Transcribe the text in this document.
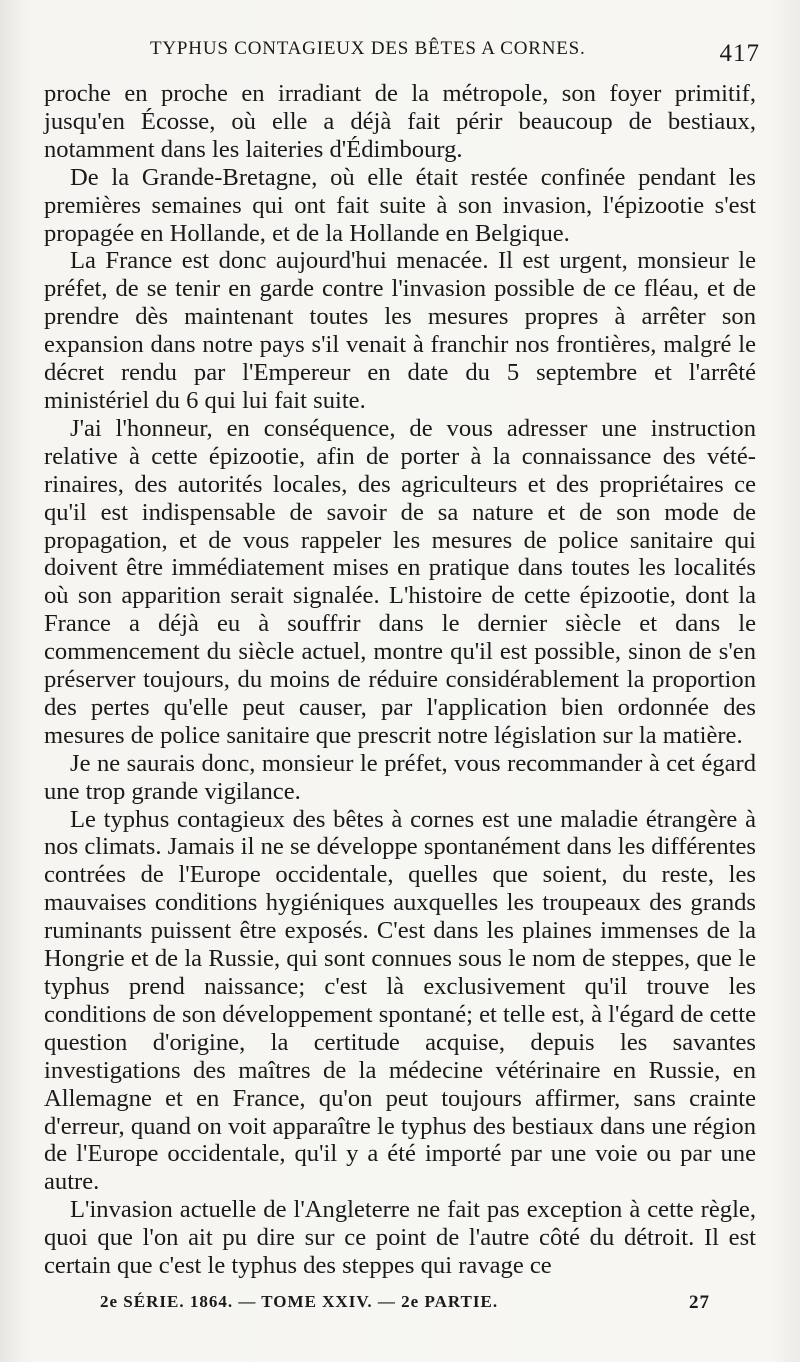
TYPHUS CONTAGIEUX DES BÊTES A CORNES.	417

proche en proche en irradiant de la métropole, son foyer primitif, jusqu'en Écosse, où elle a déjà fait périr beaucoup de bestiaux, notamment dans les laiteries d'Édimbourg.

De la Grande-Bretagne, où elle était restée confinée pendant les premières semaines qui ont fait suite à son invasion, l'épizootie s'est propagée en Hollande, et de la Hollande en Belgique.

La France est donc aujourd'hui menacée. Il est urgent, monsieur le préfet, de se tenir en garde contre l'invasion possible de ce fléau, et de prendre dès maintenant toutes les mesures propres à arrêter son expansion dans notre pays s'il venait à franchir nos frontières, malgré le décret rendu par l'Empereur en date du 5 septembre et l'arrêté ministériel du 6 qui lui fait suite.

J'ai l'honneur, en conséquence, de vous adresser une instruction relative à cette épizootie, afin de porter à la connaissance des vétérinaires, des autorités locales, des agriculteurs et des propriétaires ce qu'il est indispensable de savoir de sa nature et de son mode de propagation, et de vous rappeler les mesures de police sanitaire qui doivent être immédiatement mises en pratique dans toutes les localités où son apparition serait signalée. L'histoire de cette épizootie, dont la France a déjà eu à souffrir dans le dernier siècle et dans le commencement du siècle actuel, montre qu'il est possible, sinon de s'en préserver toujours, du moins de réduire considérablement la proportion des pertes qu'elle peut causer, par l'application bien ordonnée des mesures de police sanitaire que prescrit notre législation sur la matière.

Je ne saurais donc, monsieur le préfet, vous recommander à cet égard une trop grande vigilance.

Le typhus contagieux des bêtes à cornes est une maladie étrangère à nos climats. Jamais il ne se développe spontanément dans les différentes contrées de l'Europe occidentale, quelles que soient, du reste, les mauvaises conditions hygiéniques auxquelles les troupeaux des grands ruminants puissent être exposés. C'est dans les plaines immenses de la Hongrie et de la Russie, qui sont connues sous le nom de steppes, que le typhus prend naissance; c'est là exclusivement qu'il trouve les conditions de son développement spontané; et telle est, à l'égard de cette question d'origine, la certitude acquise, depuis les savantes investigations des maîtres de la médecine vétérinaire en Russie, en Allemagne et en France, qu'on peut toujours affirmer, sans crainte d'erreur, quand on voit apparaître le typhus des bestiaux dans une région de l'Europe occidentale, qu'il y a été importé par une voie ou par une autre.

L'invasion actuelle de l'Angleterre ne fait pas exception à cette règle, quoi que l'on ait pu dire sur ce point de l'autre côté du détroit. Il est certain que c'est le typhus des steppes qui ravage ce

2e SÉRIE. 1864. — TOME XXIV. — 2e PARTIE.	27
